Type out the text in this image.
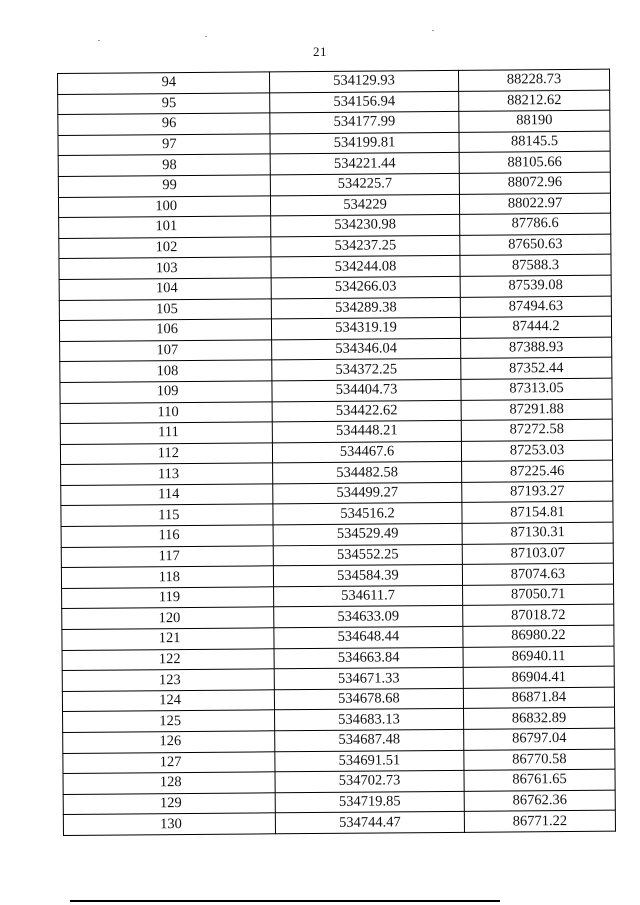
21
94	534129.93	88228.73
95	534156.94	88212.62
96	534177.99	88190
97	534199.81	88145.5
98	534221.44	88105.66
99	534225.7	88072.96
100	534229	88022.97
101	534230.98	87786.6
102	534237.25	87650.63
103	534244.08	87588.3
104	534266.03	87539.08
105	534289.38	87494.63
106	534319.19	87444.2
107	534346.04	87388.93
108	534372.25	87352.44
109	534404.73	87313.05
110	534422.62	87291.88
111	534448.21	87272.58
112	534467.6	87253.03
113	534482.58	87225.46
114	534499.27	87193.27
115	534516.2	87154.81
116	534529.49	87130.31
117	534552.25	87103.07
118	534584.39	87074.63
119	534611.7	87050.71
120	534633.09	87018.72
121	534648.44	86980.22
122	534663.84	86940.11
123	534671.33	86904.41
124	534678.68	86871.84
125	534683.13	86832.89
126	534687.48	86797.04
127	534691.51	86770.58
128	534702.73	86761.65
129	534719.85	86762.36
130	534744.47	86771.22
